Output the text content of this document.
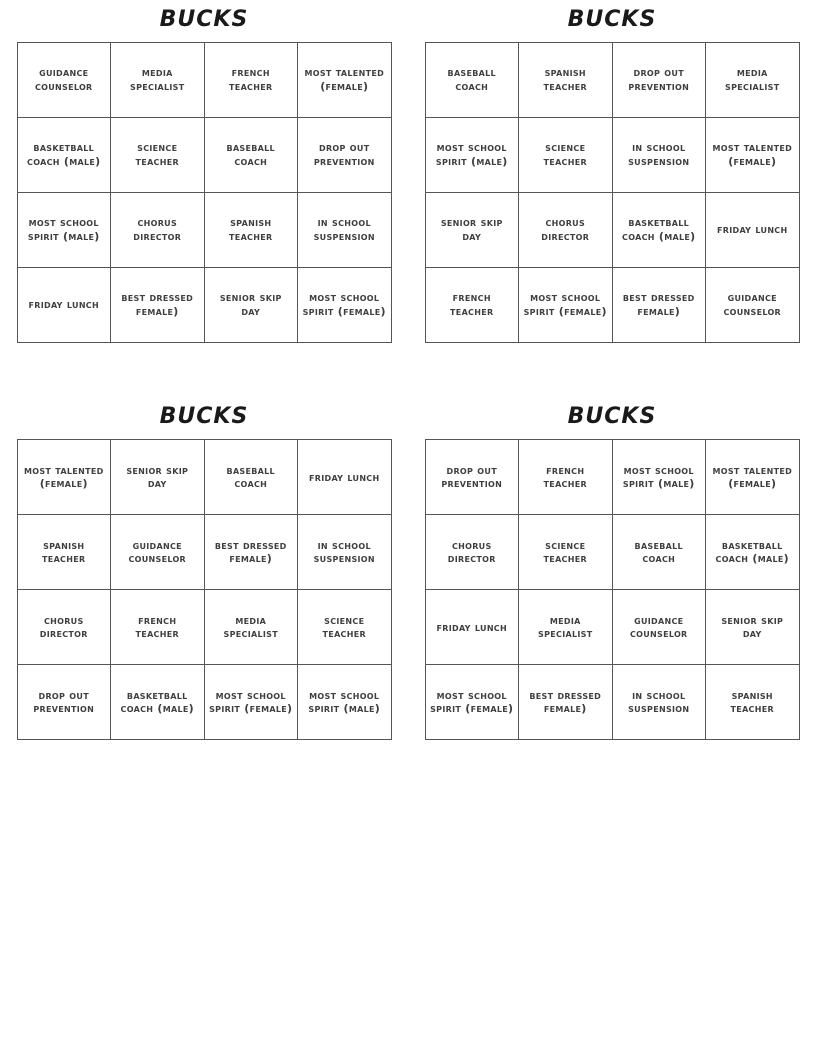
BUCKS
guidance counselor	media specialist	french teacher	most talented (female)

basketball coach (male)	science teacher	baseball coach	drop out prevention

most school spirit (male)	chorus director	spanish teacher	in school suspension

friday lunch	best dressed female)	senior skip day	most school spirit (female)
BUCKS
baseball coach	spanish teacher	drop out prevention	media specialist

most school spirit (male)	science teacher	in school suspension	most talented (female)

senior skip day	chorus director	basketball coach (male)	friday lunch

french teacher	most school spirit (female)	best dressed female)	guidance counselor
BUCKS
most talented (female)	senior skip day	baseball coach	friday lunch

spanish teacher	guidance counselor	best dressed female)	in school suspension

chorus director	french teacher	media specialist	science teacher

drop out prevention	basketball coach (male)	most school spirit (female)	most school spirit (male)
BUCKS
drop out prevention	french teacher	most school spirit (male)	most talented (female)

chorus director	science teacher	baseball coach	basketball coach (male)

friday lunch	media specialist	guidance counselor	senior skip day

most school spirit (female)	best dressed female)	in school suspension	spanish teacher
